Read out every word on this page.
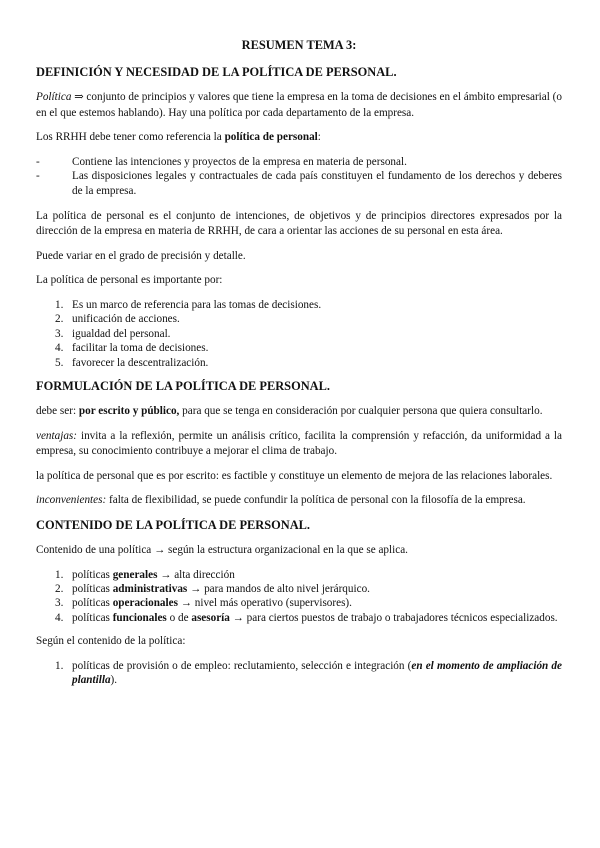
RESUMEN TEMA 3:
DEFINICIÓN Y NECESIDAD DE LA POLÍTICA DE PERSONAL.

Política ⇒ conjunto de principios y valores que tiene la empresa en la toma de decisiones en el ámbito empresarial (o en el que estemos hablando). Hay una política por cada departamento de la empresa.

Los RRHH debe tener como referencia la política de personal:

- Contiene las intenciones y proyectos de la empresa en materia de personal.
- Las disposiciones legales y contractuales de cada país constituyen el fundamento de los derechos y deberes de la empresa.

La política de personal es el conjunto de intenciones, de objetivos y de principios directores expresados por la dirección de la empresa en materia de RRHH, de cara a orientar las acciones de su personal en esta área.

Puede variar en el grado de precisión y detalle.

La política de personal es importante por:

1. Es un marco de referencia para las tomas de decisiones.
2. unificación de acciones.
3. igualdad del personal.
4. facilitar la toma de decisiones.
5. favorecer la descentralización.
FORMULACIÓN DE LA POLÍTICA DE PERSONAL.

debe ser: por escrito y público, para que se tenga en consideración por cualquier persona que quiera consultarlo.

ventajas: invita a la reflexión, permite un análisis crítico, facilita la comprensión y refacción, da uniformidad a la empresa, su conocimiento contribuye a mejorar el clima de trabajo.

la política de personal que es por escrito: es factible y constituye un elemento de mejora de las relaciones laborales.

inconvenientes: falta de flexibilidad, se puede confundir la política de personal con la filosofía de la empresa.

CONTENIDO DE LA POLÍTICA DE PERSONAL.

Contenido de una política → según la estructura organizacional en la que se aplica.

1. políticas generales → alta dirección
2. políticas administrativas → para mandos de alto nivel jerárquico.
3. políticas operacionales → nivel más operativo (supervisores).
4. políticas funcionales o de asesoría → para ciertos puestos de trabajo o trabajadores técnicos especializados.

Según el contenido de la política:

1. políticas de provisión o de empleo: reclutamiento, selección e integración (en el momento de ampliación de plantilla).
